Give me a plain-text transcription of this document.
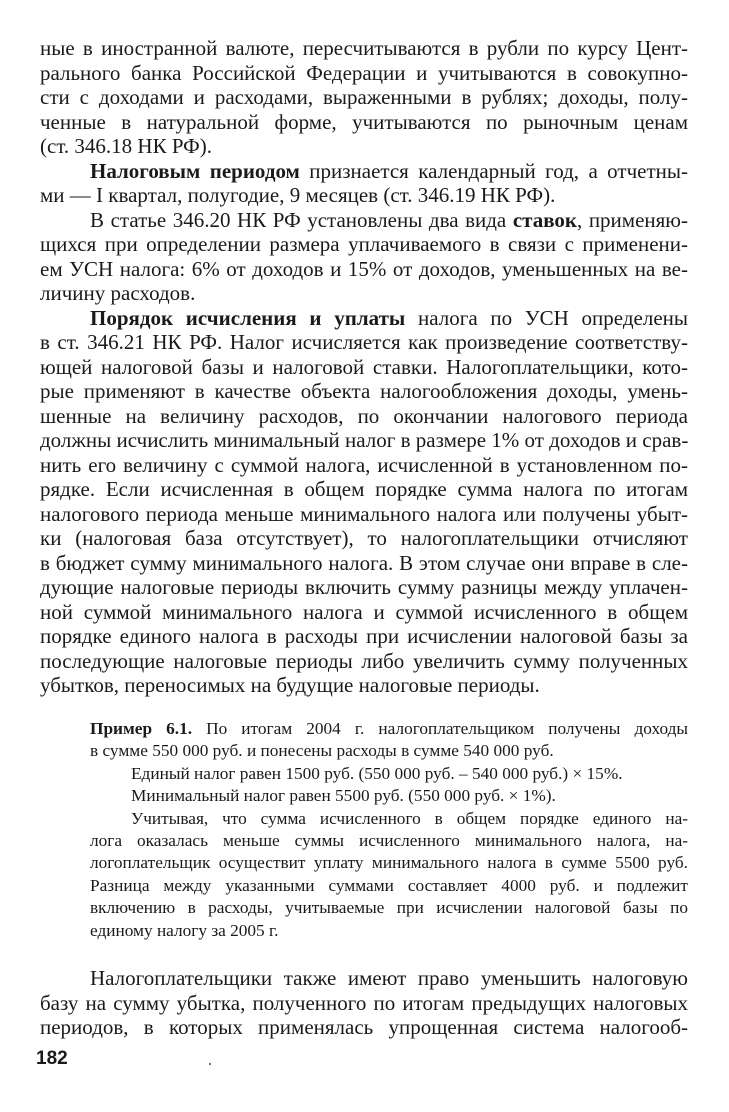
ные в иностранной валюте, пересчитываются в рубли по курсу Цент-
рального банка Российской Федерации и учитываются в совокупно-
сти с доходами и расходами, выраженными в рублях; доходы, полу-
ченные в натуральной форме, учитываются по рыночным ценам
(ст. 346.18 НК РФ).
Налоговым периодом признается календарный год, а отчетны-
ми — I квартал, полугодие, 9 месяцев (ст. 346.19 НК РФ).
В статье 346.20 НК РФ установлены два вида ставок, применяю-
щихся при определении размера уплачиваемого в связи с применени-
ем УСН налога: 6% от доходов и 15% от доходов, уменьшенных на ве-
личину расходов.
Порядок исчисления и уплаты налога по УСН определены
в ст. 346.21 НК РФ. Налог исчисляется как произведение соответству-
ющей налоговой базы и налоговой ставки. Налогоплательщики, кото-
рые применяют в качестве объекта налогообложения доходы, умень-
шенные на величину расходов, по окончании налогового периода
должны исчислить минимальный налог в размере 1% от доходов и срав-
нить его величину с суммой налога, исчисленной в установленном по-
рядке. Если исчисленная в общем порядке сумма налога по итогам
налогового периода меньше минимального налога или получены убыт-
ки (налоговая база отсутствует), то налогоплательщики отчисляют
в бюджет сумму минимального налога. В этом случае они вправе в сле-
дующие налоговые периоды включить сумму разницы между уплачен-
ной суммой минимального налога и суммой исчисленного в общем
порядке единого налога в расходы при исчислении налоговой базы за
последующие налоговые периоды либо увеличить сумму полученных
убытков, переносимых на будущие налоговые периоды.
Пример 6.1. По итогам 2004 г. налогоплательщиком получены доходы
в сумме 550 000 руб. и понесены расходы в сумме 540 000 руб.
Единый налог равен 1500 руб. (550 000 руб. – 540 000 руб.) × 15%.
Минимальный налог равен 5500 руб. (550 000 руб. × 1%).
Учитывая, что сумма исчисленного в общем порядке единого на-
лога оказалась меньше суммы исчисленного минимального налога, на-
логоплательщик осуществит уплату минимального налога в сумме 5500 руб.
Разница между указанными суммами составляет 4000 руб. и подлежит
включению в расходы, учитываемые при исчислении налоговой базы по
единому налогу за 2005 г.
Налогоплательщики также имеют право уменьшить налоговую
базу на сумму убытка, полученного по итогам предыдущих налоговых
периодов, в которых применялась упрощенная система налогооб-
182
